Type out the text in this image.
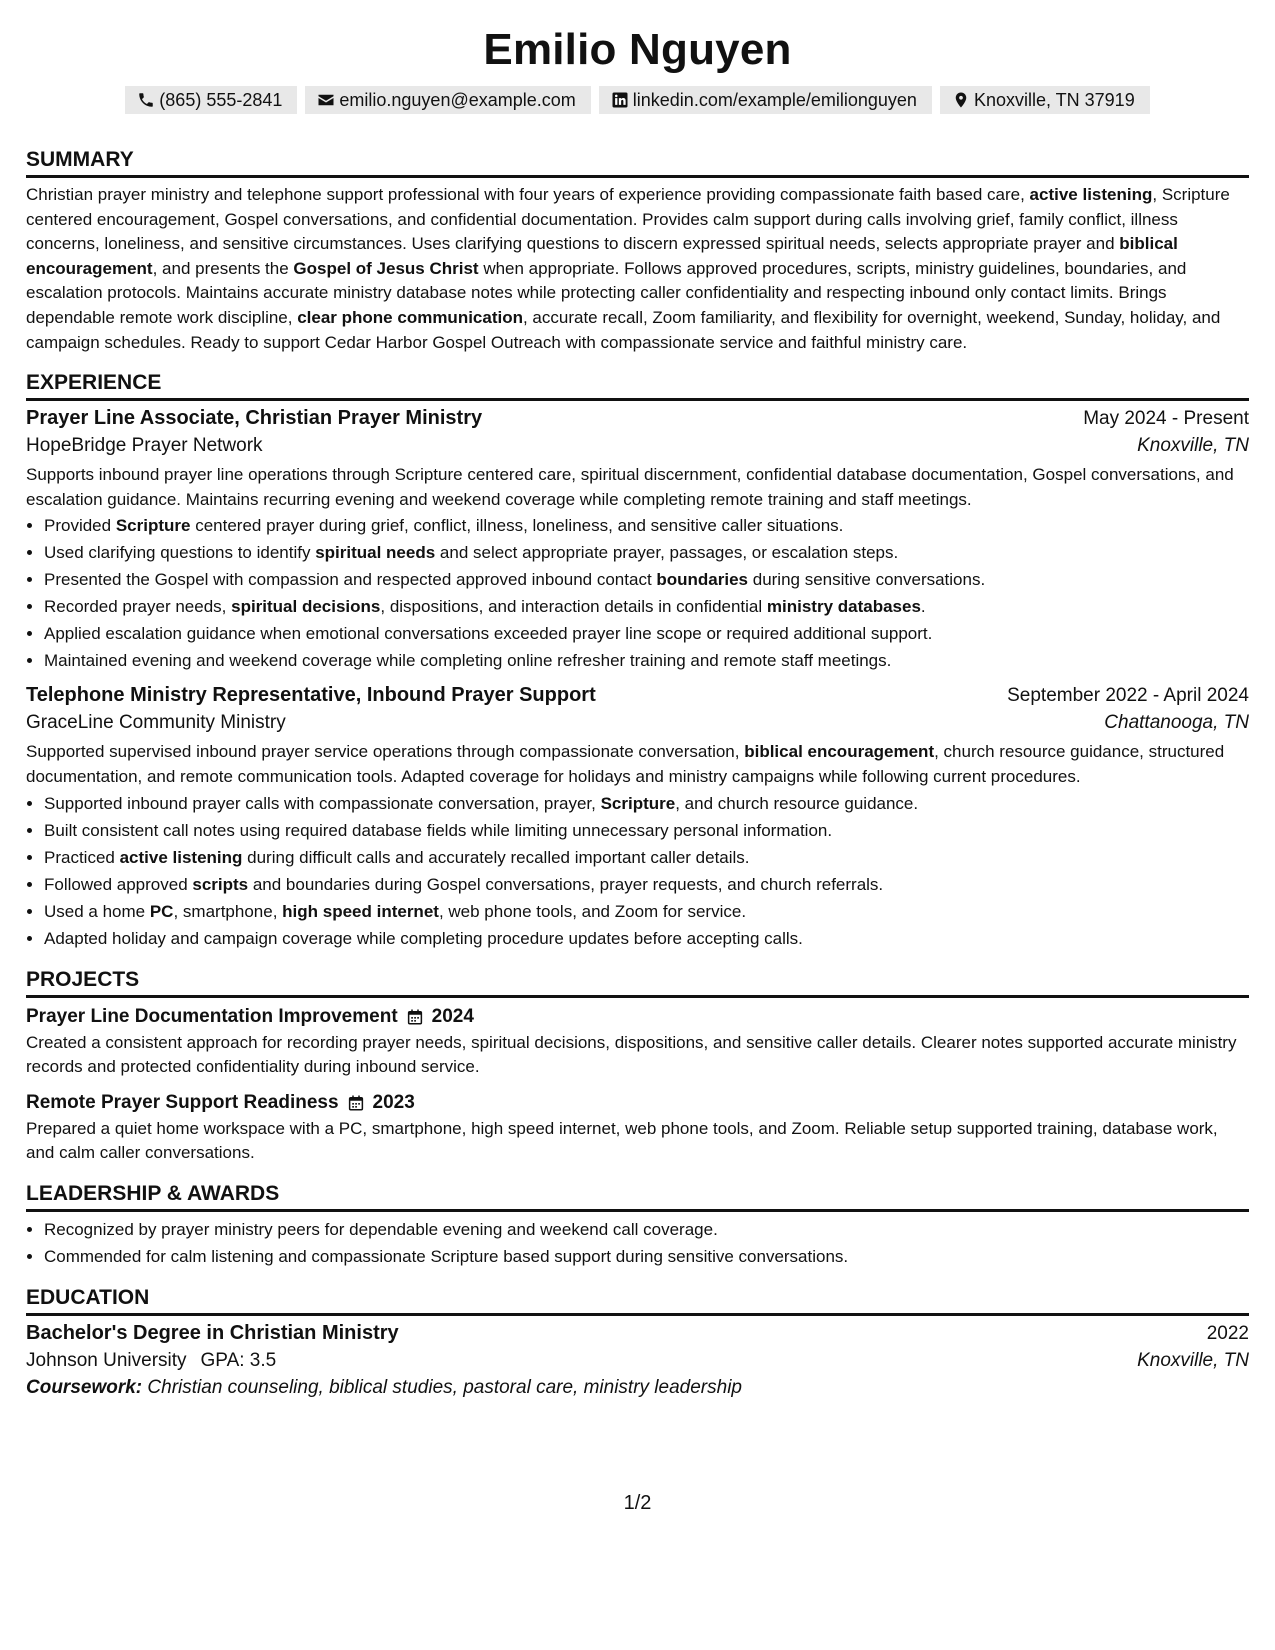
Emilio Nguyen
(865) 555-2841	emilio.nguyen@example.com	linkedin.com/example/emilionguyen	Knoxville, TN 37919
SUMMARY
Christian prayer ministry and telephone support professional with four years of experience providing compassionate faith based care, active listening, Scripture centered encouragement, Gospel conversations, and confidential documentation. Provides calm support during calls involving grief, family conflict, illness concerns, loneliness, and sensitive circumstances. Uses clarifying questions to discern expressed spiritual needs, selects appropriate prayer and biblical encouragement, and presents the Gospel of Jesus Christ when appropriate. Follows approved procedures, scripts, ministry guidelines, boundaries, and escalation protocols. Maintains accurate ministry database notes while protecting caller confidentiality and respecting inbound only contact limits. Brings dependable remote work discipline, clear phone communication, accurate recall, Zoom familiarity, and flexibility for overnight, weekend, Sunday, holiday, and campaign schedules. Ready to support Cedar Harbor Gospel Outreach with compassionate service and faithful ministry care.
EXPERIENCE
Prayer Line Associate, Christian Prayer Ministry	May 2024 - Present
HopeBridge Prayer Network	Knoxville, TN
Supports inbound prayer line operations through Scripture centered care, spiritual discernment, confidential database documentation, Gospel conversations, and escalation guidance. Maintains recurring evening and weekend coverage while completing remote training and staff meetings.
• Provided Scripture centered prayer during grief, conflict, illness, loneliness, and sensitive caller situations.
• Used clarifying questions to identify spiritual needs and select appropriate prayer, passages, or escalation steps.
• Presented the Gospel with compassion and respected approved inbound contact boundaries during sensitive conversations.
• Recorded prayer needs, spiritual decisions, dispositions, and interaction details in confidential ministry databases.
• Applied escalation guidance when emotional conversations exceeded prayer line scope or required additional support.
• Maintained evening and weekend coverage while completing online refresher training and remote staff meetings.
Telephone Ministry Representative, Inbound Prayer Support	September 2022 - April 2024
GraceLine Community Ministry	Chattanooga, TN
Supported supervised inbound prayer service operations through compassionate conversation, biblical encouragement, church resource guidance, structured documentation, and remote communication tools. Adapted coverage for holidays and ministry campaigns while following current procedures.
• Supported inbound prayer calls with compassionate conversation, prayer, Scripture, and church resource guidance.
• Built consistent call notes using required database fields while limiting unnecessary personal information.
• Practiced active listening during difficult calls and accurately recalled important caller details.
• Followed approved scripts and boundaries during Gospel conversations, prayer requests, and church referrals.
• Used a home PC, smartphone, high speed internet, web phone tools, and Zoom for service.
• Adapted holiday and campaign coverage while completing procedure updates before accepting calls.
PROJECTS
Prayer Line Documentation Improvement 2024
Created a consistent approach for recording prayer needs, spiritual decisions, dispositions, and sensitive caller details. Clearer notes supported accurate ministry records and protected confidentiality during inbound service.
Remote Prayer Support Readiness 2023
Prepared a quiet home workspace with a PC, smartphone, high speed internet, web phone tools, and Zoom. Reliable setup supported training, database work, and calm caller conversations.
LEADERSHIP & AWARDS
• Recognized by prayer ministry peers for dependable evening and weekend call coverage.
• Commended for calm listening and compassionate Scripture based support during sensitive conversations.
EDUCATION
Bachelor's Degree in Christian Ministry	2022
Johnson University GPA: 3.5	Knoxville, TN
Coursework: Christian counseling, biblical studies, pastoral care, ministry leadership
1/2
